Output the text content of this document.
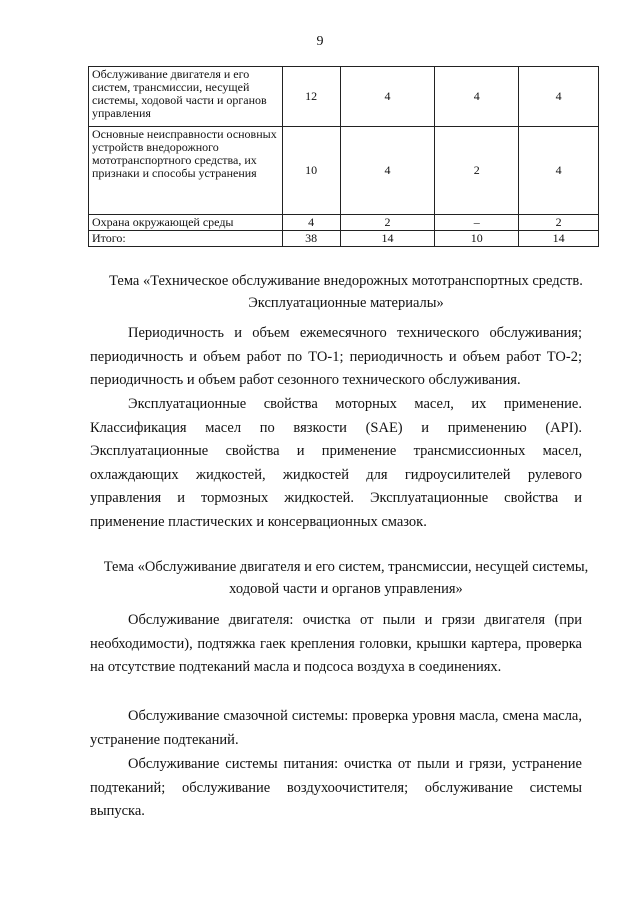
9
Обслуживание двигателя и его систем, трансмиссии, несущей системы, ходовой части и органов управления	12	4	4	4
Основные неисправности основных устройств внедорожного мототранспортного средства, их признаки и способы устранения	10	4	2	4
Охрана окружающей среды	4	2	–	2
Итого:	38	14	10	14
Тема «Техническое обслуживание внедорожных мототранспортных средств. Эксплуатационные материалы»

Периодичность и объем ежемесячного технического обслуживания; периодичность и объем работ по ТО-1; периодичность и объем работ ТО-2; периодичность и объем работ сезонного технического обслуживания.

Эксплуатационные свойства моторных масел, их применение. Классификация масел по вязкости (SAE) и применению (API). Эксплуатационные свойства и применение трансмиссионных масел, охлаждающих жидкостей, жидкостей для гидроусилителей рулевого управления и тормозных жидкостей. Эксплуатационные свойства и применение пластических и консервационных смазок.

Тема «Обслуживание двигателя и его систем, трансмиссии, несущей системы, ходовой части и органов управления»

Обслуживание двигателя: очистка от пыли и грязи двигателя (при необходимости), подтяжка гаек крепления головки, крышки картера, проверка на отсутствие подтеканий масла и подсоса воздуха в соединениях.

Обслуживание смазочной системы: проверка уровня масла, смена масла, устранение подтеканий.

Обслуживание системы питания: очистка от пыли и грязи, устранение подтеканий; обслуживание воздухоочистителя; обслуживание системы выпуска.
